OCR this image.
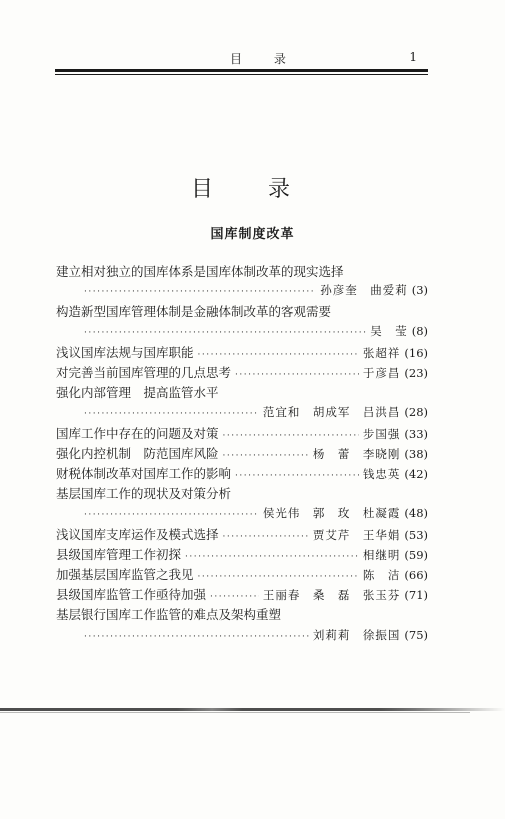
目 录	1
目 录
国库制度改革
建立相对独立的国库体系是国库体制改革的现实选择
·····
孙彦奎　曲爱莉 (3)
构造新型国库管理体制是金融体制改革的客观需要
·····
吴　莹 (8)
浅议国库法规与国库职能 ·····	张超祥 (16)
对完善当前国库管理的几点思考 ·····	于彦昌 (23)
强化内部管理　提高监管水平
·····
范宜和　胡成军　吕洪昌 (28)
国库工作中存在的问题及对策 ·····	步国强 (33)
强化内控机制　防范国库风险 ·····	杨　蕾　李晓刚 (38)
财税体制改革对国库工作的影响 ·····	钱忠英 (42)
基层国库工作的现状及对策分析
·····
侯光伟　郭　玫　杜凝霞 (48)
浅议国库支库运作及模式选择 ·····	贾艾芹　王华娟 (53)
县级国库管理工作初探 ·····	相继明 (59)
加强基层国库监管之我见 ·····	陈　洁 (66)
县级国库监管工作亟待加强 ·····	王丽春　桑　磊　张玉芬 (71)
基层银行国库工作监管的难点及架构重塑
·····
刘莉莉　徐振国 (75)
